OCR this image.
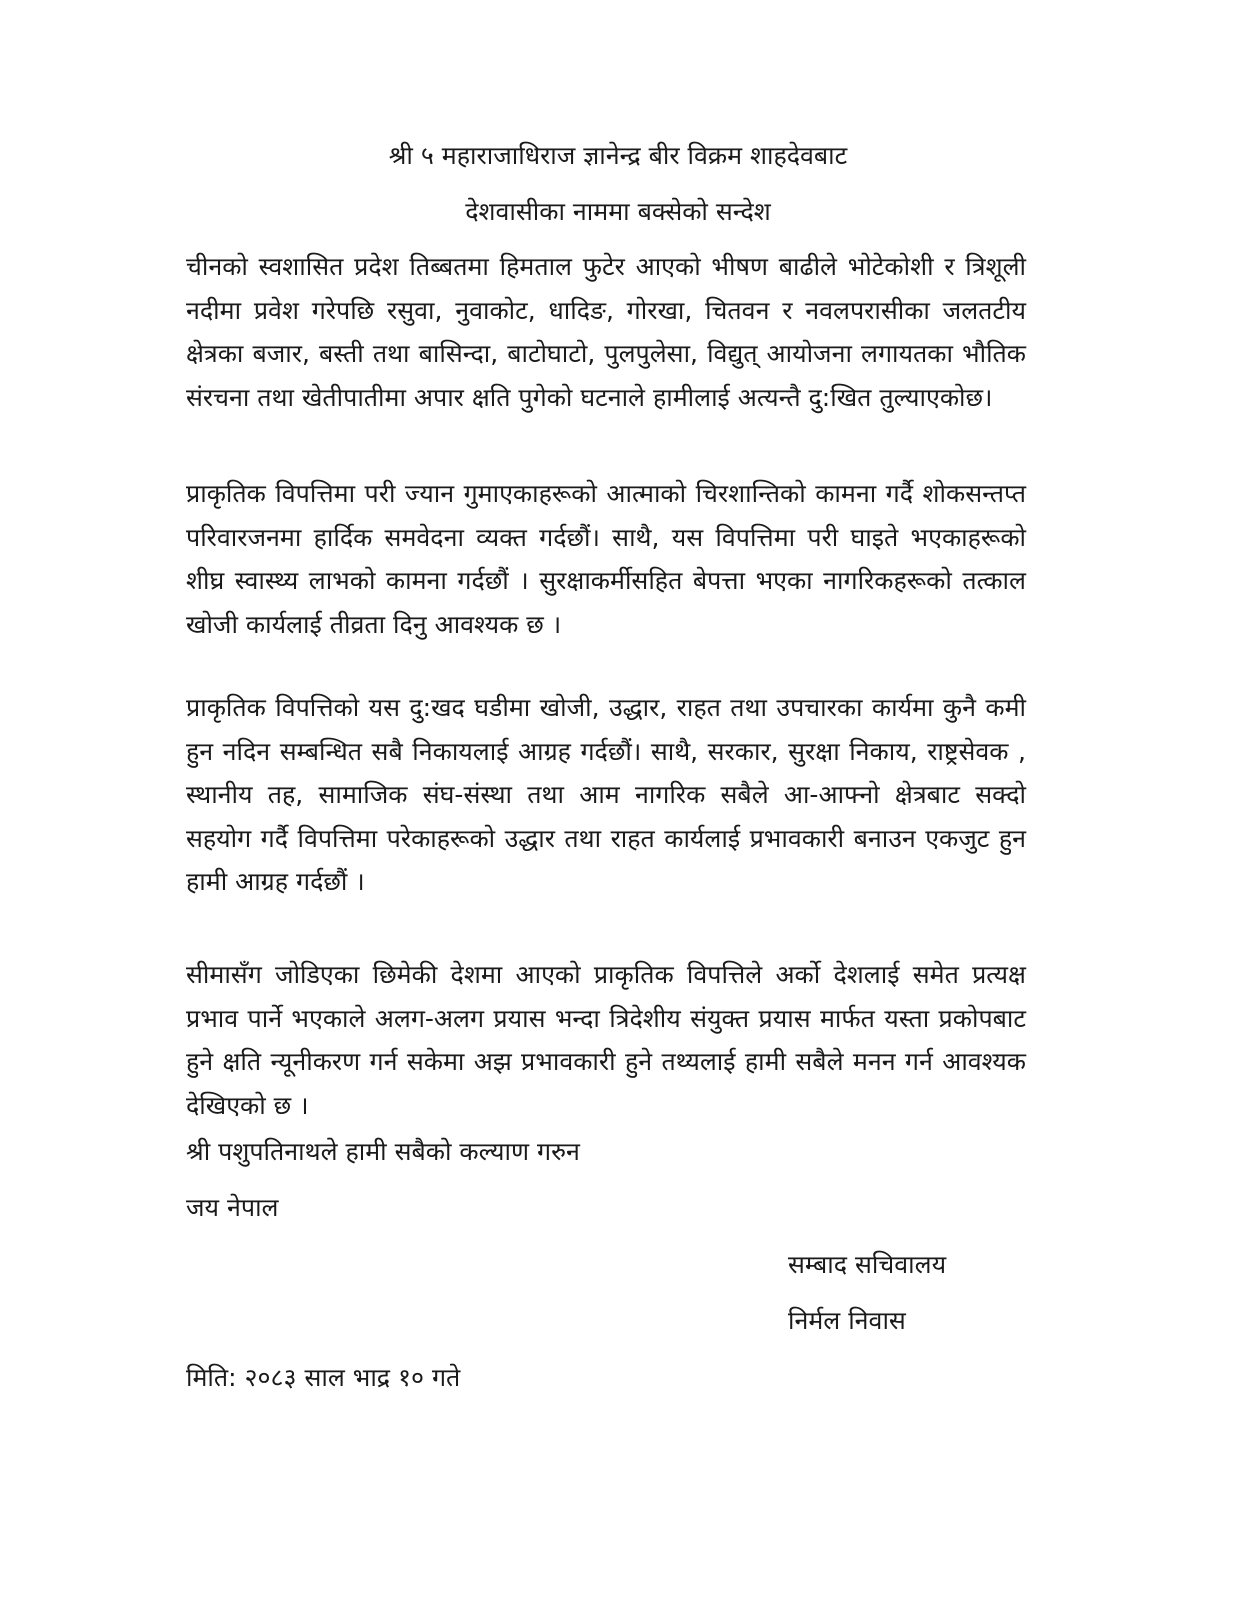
श्री ५ महाराजाधिराज ज्ञानेन्द्र बीर विक्रम शाहदेवबाट
देशवासीका नाममा बक्सेको सन्देश

चीनको स्वशासित प्रदेश तिब्बतमा हिमताल फुटेर आएको भीषण बाढीले भोटेकोशी र त्रिशूली नदीमा प्रवेश गरेपछि रसुवा, नुवाकोट, धादिङ, गोरखा, चितवन र नवलपरासीका जलतटीय क्षेत्रका बजार, बस्ती तथा बासिन्दा, बाटोघाटो, पुलपुलेसा, विद्युत् आयोजना लगायतका भौतिक संरचना तथा खेतीपातीमा अपार क्षति पुगेको घटनाले हामीलाई अत्यन्तै दु:खित तुल्याएकोछ।

प्राकृतिक विपत्तिमा परी ज्यान गुमाएकाहरूको आत्माको चिरशान्तिको कामना गर्दै शोकसन्तप्त परिवारजनमा हार्दिक समवेदना व्यक्त गर्दछौं। साथै, यस विपत्तिमा परी घाइते भएकाहरूको शीघ्र स्वास्थ्य लाभको कामना गर्दछौं । सुरक्षाकर्मीसहित बेपत्ता भएका नागरिकहरूको तत्काल खोजी कार्यलाई तीव्रता दिनु आवश्यक छ ।

प्राकृतिक विपत्तिको यस दु:खद घडीमा खोजी, उद्धार, राहत तथा उपचारका कार्यमा कुनै कमी हुन नदिन सम्बन्धित सबै निकायलाई आग्रह गर्दछौं। साथै, सरकार, सुरक्षा निकाय, राष्ट्रसेवक , स्थानीय तह, सामाजिक संघ-संस्था तथा आम नागरिक सबैले आ-आफ्नो क्षेत्रबाट सक्दो सहयोग गर्दै विपत्तिमा परेकाहरूको उद्धार तथा राहत कार्यलाई प्रभावकारी बनाउन एकजुट हुन हामी आग्रह गर्दछौं ।

सीमासँग जोडिएका छिमेकी देशमा आएको प्राकृतिक विपत्तिले अर्को देशलाई समेत प्रत्यक्ष प्रभाव पार्ने भएकाले अलग-अलग प्रयास भन्दा त्रिदेशीय संयुक्त प्रयास मार्फत यस्ता प्रकोपबाट हुने क्षति न्यूनीकरण गर्न सकेमा अझ प्रभावकारी हुने तथ्यलाई हामी सबैले मनन गर्न आवश्यक देखिएको छ ।

श्री पशुपतिनाथले हामी सबैको कल्याण गरुन
जय नेपाल
सम्बाद सचिवालय
निर्मल निवास
मिति: २०८३ साल भाद्र १० गते
